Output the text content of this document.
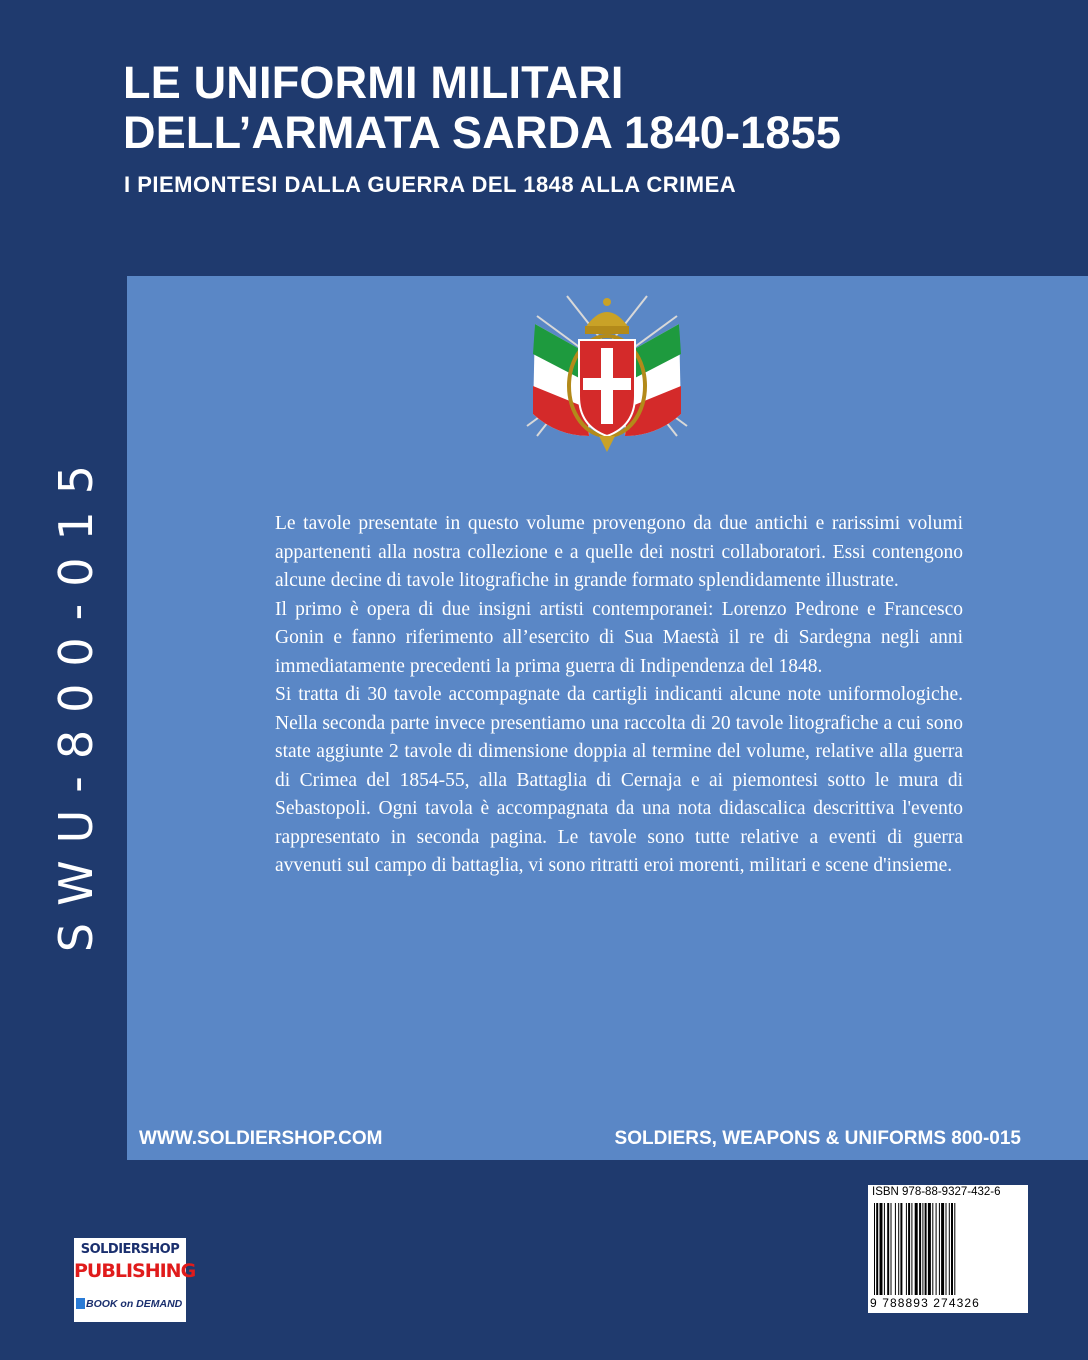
LE UNIFORMI MILITARI
DELL’ARMATA SARDA 1840-1855
I PIEMONTESI DALLA GUERRA DEL 1848 ALLA CRIMEA
SWU-800-015	Le tavole presentate in questo volume provengono da due antichi e rarissimi volumi appartenenti alla nostra collezione e a quelle dei nostri collaboratori. Essi contengono alcune decine di tavole litografiche in grande formato splendidamente illustrate.

Il primo è opera di due insigni artisti contemporanei: Lorenzo Pedrone e Francesco Gonin e fanno riferimento all’esercito di Sua Maestà il re di Sardegna negli anni immediatamente precedenti la prima guerra di Indipendenza del 1848.

Si tratta di 30 tavole accompagnate da cartigli indicanti alcune note uniformologiche. Nella seconda parte invece presentiamo una raccolta di 20 tavole litografiche a cui sono state aggiunte 2 tavole di dimensione doppia al termine del volume, relative alla guerra di Crimea del 1854-55, alla Battaglia di Cernaja e ai piemontesi sotto le mura di Sebastopoli. Ogni tavola è accompagnata da una nota didascalica descrittiva l'evento rappresentato in seconda pagina. Le tavole sono tutte relative a eventi di guerra avvenuti sul campo di battaglia, vi sono ritratti eroi morenti, militari e scene d'insieme.

WWW.SOLDIERSHOP.COM	SOLDIERS, WEAPONS & UNIFORMS 800-015
ISBN 978-88-9327-432-6
9 788893 274326
SOLDIERSHOP
PUBLISHING
BOOK on DEMAND
